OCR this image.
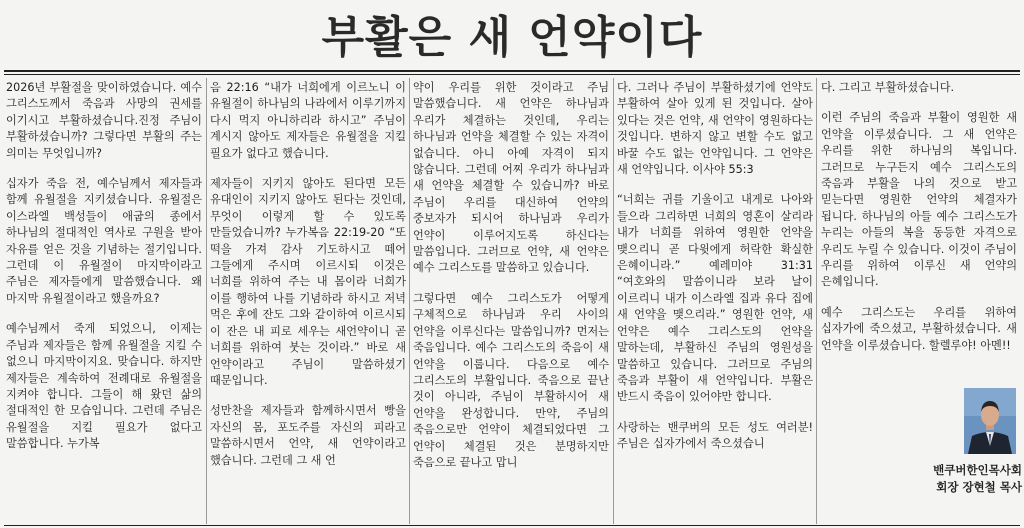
부활은 새 언약이다

2026년 부활절을 맞이하였습니다. 예수 그리스도께서 죽음과 사망의 권세를 이기시고 부활하셨습니다.진정 주님이 부활하셨습니까? 그렇다면 부활의 주는 의미는 무엇입니까?

십자가 죽음 전, 예수님께서 제자들과 함께 유월절을 지키셨습니다. 유월절은 이스라엘 백성들이 애굽의 종에서 하나님의 절대적인 역사로 구원을 받아 자유를 얻은 것을 기념하는 절기입니다. 그런데 이 유월절이 마지막이라고 주님은 제자들에게 말씀했습니다. 왜 마지막 유월절이라고 했을까요?

예수님께서 죽게 되었으니, 이제는 주님과 제자들은 함께 유월절을 지킬 수 없으니 마지막이지요. 맞습니다. 하지만 제자들은 계속하여 전례대로 유월절을 지켜야 합니다. 그들이 해 왔던 삶의 절대적인 한 모습입니다. 그런데 주님은 유월절을 지킬 필요가 없다고 말씀합니다. 누가복

음 22:16 “내가 너희에게 이르노니 이 유월절이 하나님의 나라에서 이루기까지 다시 먹지 아니하리라 하시고” 주님이 계시지 않아도 제자들은 유월절을 지킬 필요가 없다고 했습니다.

제자들이 지키지 않아도 된다면 모든 유대인이 지키지 않아도 된다는 것인데, 무엇이 이렇게 할 수 있도록 만들었습니까? 누가복음 22:19-20 “또 떡을 가져 감사 기도하시고 떼어 그들에게 주시며 이르시되 이것은 너희를 위하여 주는 내 몸이라 너희가 이를 행하여 나를 기념하라 하시고 저녁 먹은 후에 잔도 그와 같이하여 이르시되 이 잔은 내 피로 세우는 새언약이니 곧 너희를 위하여 붓는 것이라.” 바로 새 언약이라고 주님이 말씀하셨기 때문입니다.

성만찬을 제자들과 함께하시면서 빵을 자신의 몸, 포도주를 자신의 피라고 말씀하시면서 언약, 새 언약이라고 했습니다. 그런데 그 새 언

약이 우리를 위한 것이라고 주님 말씀했습니다. 새 언약은 하나님과 우리가 체결하는 것인데, 우리는 하나님과 언약을 체결할 수 있는 자격이 없습니다. 아니 아예 자격이 되지 않습니다. 그런데 어찌 우리가 하나님과 새 언약을 체결할 수 있습니까? 바로 주님이 우리를 대신하여 언약의 중보자가 되시어 하나님과 우리가 언약이 이루어지도록 하신다는 말씀입니다. 그러므로 언약, 새 언약은 예수 그리스도를 말씀하고 있습니다.

그렇다면 예수 그리스도가 어떻게 구체적으로 하나님과 우리 사이의 언약을 이루신다는 말씀입니까? 먼저는 죽음입니다. 예수 그리스도의 죽음이 새 언약을 이룹니다. 다음으로 예수 그리스도의 부활입니다. 죽음으로 끝난 것이 아니라, 주님이 부활하시어 새 언약을 완성합니다. 만약, 주님의 죽음으로만 언약이 체결되었다면 그 언약이 체결된 것은 분명하지만 죽음으로 끝나고 맙니

다. 그러나 주님이 부활하셨기에 언약도 부활하여 살아 있게 된 것입니다. 살아 있다는 것은 언약, 새 언약이 영원하다는 것입니다. 변하지 않고 변할 수도 없고 바꿀 수도 없는 언약입니다. 그 언약은 새 언약입니다. 이사야 55:3

“너희는 귀를 기울이고 내게로 나아와 들으라 그리하면 너희의 영혼이 살리라 내가 너희를 위하여 영원한 언약을 맺으리니 곧 다윗에게 허락한 확실한 은혜이니라.” 예레미야 31:31 “여호와의 말씀이니라 보라 날이 이르리니 내가 이스라엘 집과 유다 집에 새 언약을 맺으리라.” 영원한 언약, 새 언약은 예수 그리스도의 언약을 말하는데, 부활하신 주님의 영원성을 말씀하고 있습니다. 그러므로 주님의 죽음과 부활이 새 언약입니다. 부활은 반드시 죽음이 있어야만 합니다.

사랑하는 밴쿠버의 모든 성도 여러분! 주님은 십자가에서 죽으셨습니

다. 그리고 부활하셨습니다.

이런 주님의 죽음과 부활이 영원한 새 언약을 이루셨습니다. 그 새 언약은 우리를 위한 하나님의 복입니다. 그러므로 누구든지 예수 그리스도의 죽음과 부활을 나의 것으로 받고 믿는다면 영원한 언약의 체결자가 됩니다. 하나님의 아들 예수 그리스도가 누리는 아들의 복을 동등한 자격으로 우리도 누릴 수 있습니다. 이것이 주님이 우리를 위하여 이루신 새 언약의 은혜입니다.

예수 그리스도는 우리를 위하여 십자가에 죽으셨고, 부활하셨습니다. 새 언약을 이루셨습니다. 할렐루야! 아멘!!

밴쿠버한인목사회
회장 장현철 목사
